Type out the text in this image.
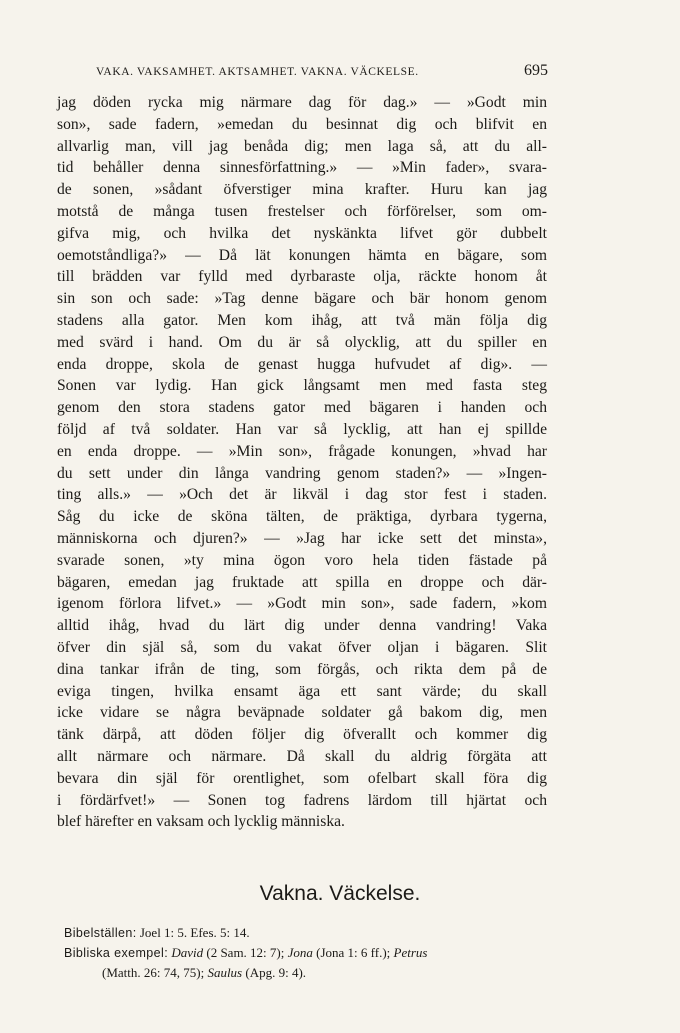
VAKA. VAKSAMHET. AKTSAMHET. VAKNA. VÄCKELSE.	695
jag döden rycka mig närmare dag för dag.» — »Godt min
son», sade fadern, »emedan du besinnat dig och blifvit en
allvarlig man, vill jag benåda dig; men laga så, att du all-
tid behåller denna sinnesförfattning.» — »Min fader», svara-
de sonen, »sådant öfverstiger mina krafter. Huru kan jag
motstå de många tusen frestelser och förförelser, som om-
gifva mig, och hvilka det nyskänkta lifvet gör dubbelt
oemotståndliga?» — Då lät konungen hämta en bägare, som
till brädden var fylld med dyrbaraste olja, räckte honom åt
sin son och sade: »Tag denne bägare och bär honom genom
stadens alla gator. Men kom ihåg, att två män följa dig
med svärd i hand. Om du är så olycklig, att du spiller en
enda droppe, skola de genast hugga hufvudet af dig». —
Sonen var lydig. Han gick långsamt men med fasta steg
genom den stora stadens gator med bägaren i handen och
följd af två soldater. Han var så lycklig, att han ej spillde
en enda droppe. — »Min son», frågade konungen, »hvad har
du sett under din långa vandring genom staden?» — »Ingen-
ting alls.» — »Och det är likväl i dag stor fest i staden.
Såg du icke de sköna tälten, de präktiga, dyrbara tygerna,
människorna och djuren?» — »Jag har icke sett det minsta»,
svarade sonen, »ty mina ögon voro hela tiden fästade på
bägaren, emedan jag fruktade att spilla en droppe och där-
igenom förlora lifvet.» — »Godt min son», sade fadern, »kom
alltid ihåg, hvad du lärt dig under denna vandring! Vaka
öfver din själ så, som du vakat öfver oljan i bägaren. Slit
dina tankar ifrån de ting, som förgås, och rikta dem på de
eviga tingen, hvilka ensamt äga ett sant värde; du skall
icke vidare se några beväpnade soldater gå bakom dig, men
tänk därpå, att döden följer dig öfverallt och kommer dig
allt närmare och närmare. Då skall du aldrig förgäta att
bevara din själ för orentlighet, som ofelbart skall föra dig
i fördärfvet!» — Sonen tog fadrens lärdom till hjärtat och
blef härefter en vaksam och lycklig människa.
Vakna. Väckelse.
Bibelställen: Joel 1: 5. Efes. 5: 14.
Bibliska exempel: David (2 Sam. 12: 7); Jona (Jona 1: 6 ff.); Petrus
(Matth. 26: 74, 75); Saulus (Apg. 9: 4).
